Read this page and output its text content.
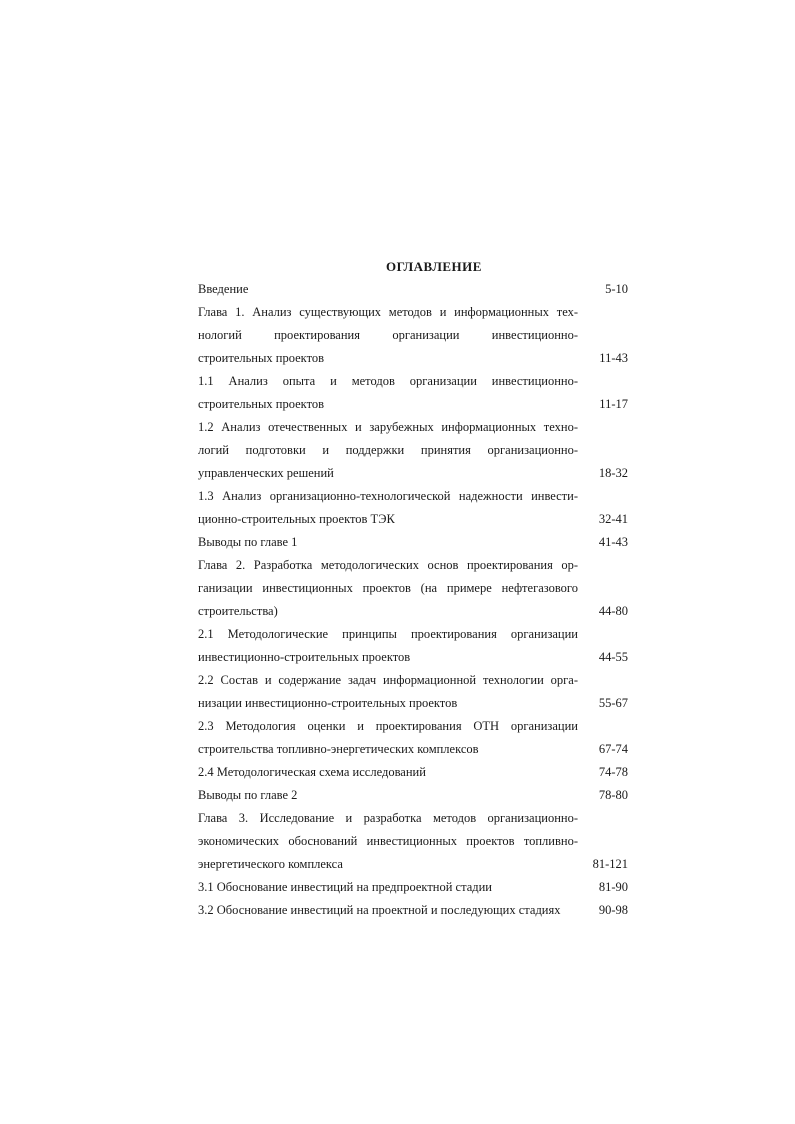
ОГЛАВЛЕНИЕ
Введение	5-10
Глава 1. Анализ существующих методов и информационных тех-
нологий проектирования организации инвестиционно-
строительных проектов	11-43
1.1 Анализ опыта и методов организации инвестиционно-
строительных проектов	11-17
1.2 Анализ отечественных и зарубежных информационных техно-
логий подготовки и поддержки принятия организационно-
управленческих решений	18-32
1.3 Анализ организационно-технологической надежности инвести-
ционно-строительных проектов ТЭК	32-41
Выводы по главе 1	41-43
Глава 2. Разработка методологических основ проектирования ор-
ганизации инвестиционных проектов (на примере нефтегазового
строительства)	44-80
2.1 Методологические принципы проектирования организации
инвестиционно-строительных проектов	44-55
2.2 Состав и содержание задач информационной технологии орга-
низации инвестиционно-строительных проектов	55-67
2.3 Методология оценки и проектирования ОТН организации
строительства топливно-энергетических комплексов	67-74
2.4 Методологическая схема исследований	74-78
Выводы по главе 2	78-80
Глава 3. Исследование и разработка методов организационно-
экономических обоснований инвестиционных проектов топливно-
энергетического комплекса	81-121
3.1 Обоснование инвестиций на предпроектной стадии	81-90
3.2 Обоснование инвестиций на проектной и последующих стадиях	90-98
